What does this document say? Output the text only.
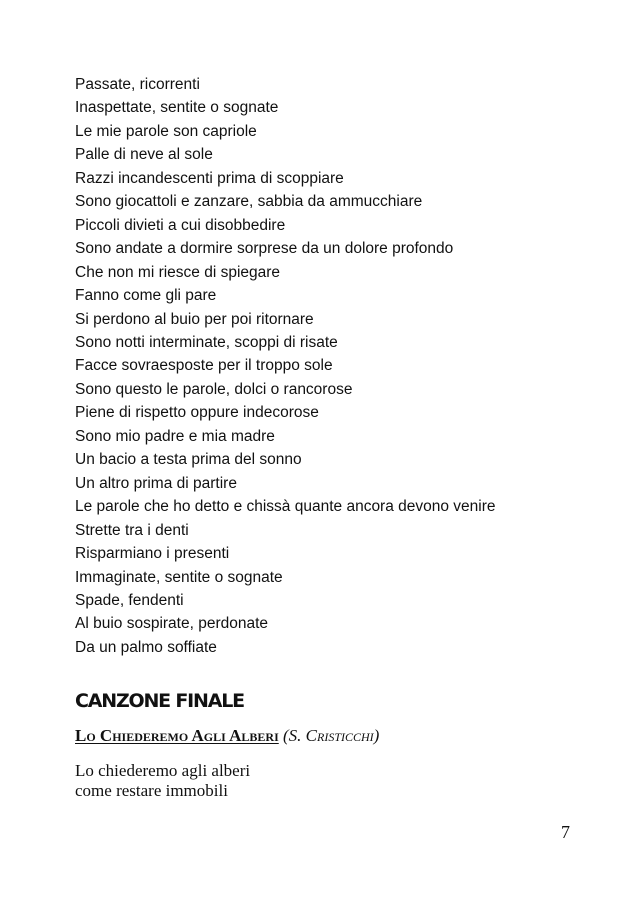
Passate, ricorrenti
Inaspettate, sentite o sognate
Le mie parole son capriole
Palle di neve al sole
Razzi incandescenti prima di scoppiare
Sono giocattoli e zanzare, sabbia da ammucchiare
Piccoli divieti a cui disobbedire
Sono andate a dormire sorprese da un dolore profondo
Che non mi riesce di spiegare
Fanno come gli pare
Si perdono al buio per poi ritornare
Sono notti interminate, scoppi di risate
Facce sovraesposte per il troppo sole
Sono questo le parole, dolci o rancorose
Piene di rispetto oppure indecorose
Sono mio padre e mia madre
Un bacio a testa prima del sonno
Un altro prima di partire
Le parole che ho detto e chissà quante ancora devono venire
Strette tra i denti
Risparmiano i presenti
Immaginate, sentite o sognate
Spade, fendenti
Al buio sospirate, perdonate
Da un palmo soffiate
CANZONE FINALE

Lo Chiederemo Agli Alberi (S. Cristicchi)

Lo chiederemo agli alberi
come restare immobili
7
